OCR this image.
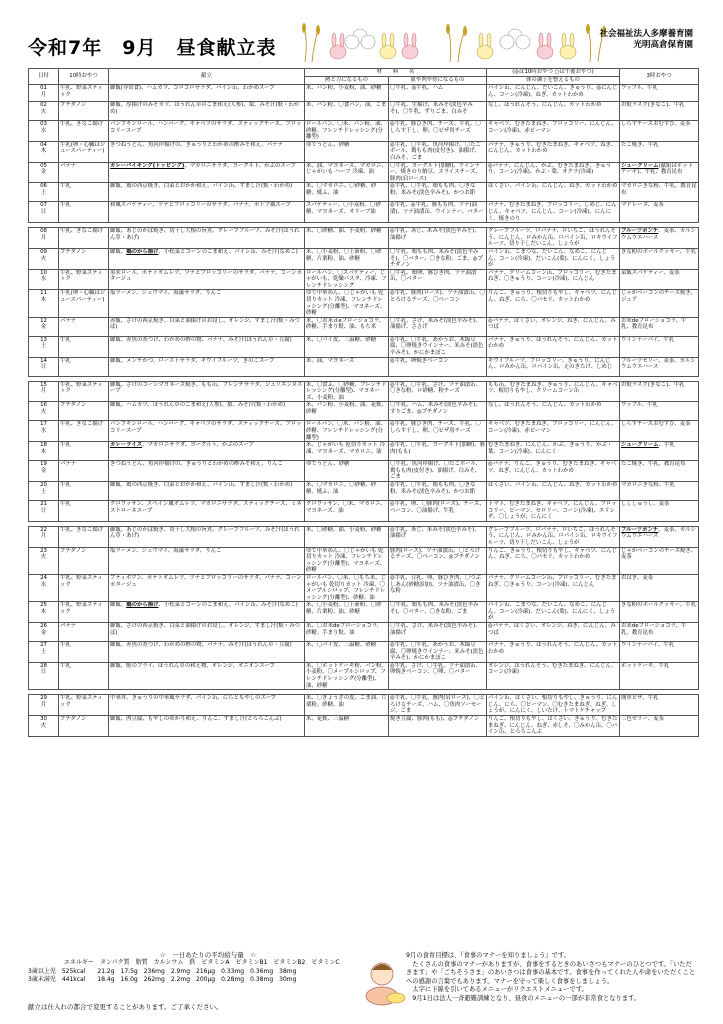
令和7年　9月　昼食献立表
社会福祉法人多摩養育園
光明高倉保育園
日付	10時おやつ	献立	材　　料　　名		(◎は10時おやつ ○は午後おやつ)	3時おやつ
			熱と力になるもの	血や肉や骨になるもの	体の調子を整えるもの	
01
月	牛乳、野菜スティック	御飯(非常食)、ハムカツ、コロコロサラダ、パイン缶、わかめスープ	米、パン粉、小麦粉、油、砂糖	〇牛乳、◎牛乳、ハム	パイン缶、にんじん、だいこん、きゅうり、◎にんじん、コーン(冷凍)、ねぎ、カットわかめ	ワッフル、牛乳
02
火	プチダノン	御飯、厚揚げのみそカツ、ほうれん草のごま和え(人参)、梨、みそ汁(麩・わかめ)	米、パン粉、〇食パン、油、ごま	〇牛乳、生揚げ、米みそ(淡色辛みそ)、〇牛乳、ずりごま、白みそ	なし、ほうれんそう、にんじん、カットわかめ	お麩ラスク(きなこ)、牛乳
03
水	牛乳、きなこ揚げ	パンプキンロール、ハンバーグ、キャベツのサラダ、スティックチーズ、ブロッコリースープ	ロールパン、〇米、パン粉、油、砂糖、フレンチドレッシング(分離型)	◎牛乳、豚ひき肉、チーズ、牛乳、〇しらす干し、卵、〇ピザ用チーズ	キャベツ、むきたまねぎ、ブロッコリー、にんじん、コーン(冷凍)、赤ピーマン	しらすチーズおむすび、麦茶
04
木	牛乳(卵・心臓はジュースパーティー)	きつねうどん、魚河岸揚げの、きゅうりとわかめの酢みそ和え、バナナ	ゆでうどん、砂糖	◎牛乳、〇牛乳、魚河岸揚げ、〇たこボール、鶏もも肉(皮付き)、油揚げ、白みそ、ごま	バナナ、きゅうり、むきたまねぎ、キャベツ、ねぎ、にんじん、カットわかめ	たこ焼き、牛乳
05
金	バナナ	カレーバイキング(トッピング)、マカロニサラダ、ヨーグルト、かぶのスープ	米、油、マヨネーズ、マカロニ、じゃがいも ハーフ 冷凍、油	〇牛乳、ヨーグルト(加糖)、ウインナー、焼きのり納豆、スライスチーズ、豚肉(肩ロース)	◎バナナ、にんじん、かぶ、むきたまねぎ、きゅうり、コーン(冷凍)、かぶ・葉、オクラ(冷凍)	シュークリーム(献組はホットケーキ)、牛乳、教育昆布
06
土	牛乳	御飯、鶏の西京焼き、白菜とおかか和え、パイン缶、すまし汁(麩・わかめ)	米、〇マカロニ、〇砂糖、砂糖、焼ふ、油	◎牛乳、〇牛乳、鶏もも肉、〇きな粉、米みそ(淡色辛みそ)、かつお節	はくさい、パイン缶、にんじん、ねぎ、カットわかめ	マカロニきな粉、牛乳、教育昆布
07
日	牛乳	和風スパゲティー、ツナとブロッコリーのサラダ、バナナ、ポトフ風スープ	スパゲティー、〇小麦粉、〇砂糖、マヨネーズ、オリーブ油	◎牛乳、◎牛乳、豚もも肉、ツナ(油漬)、ツナ油漬缶、ウインナー、バター	バナナ、むきたまねぎ、ブロッコリー、しめじ、にんじん、キャベツ、にんじん、コーン(冷凍)、にんにく、焼きのり	マドレーヌ、麦茶

08
月	牛乳、きなこ揚げ	御飯、あじのかば焼き、切干し大根の旨煮、グレープフルーツ、みそ汁(ほうれん草・あげ)	米、〇砂糖、油、小麦粉、砂糖	◎牛乳、あじ、米みそ(淡色辛みそ)、油揚げ	グレープフルーツ、ロバナナ、ロいちご、ほうれんそう、にんじん、ロみかん缶、ロパイン缶、ロキウイフルーツ、切り干しだいこん、しょうが	フルーツポンチ、麦茶、カルシウムウエハース
09
火	プチダノン	御飯、鶏のから揚げ、小松菜とコーンのごま和え、パイン缶、みそ汁(なめこ)	米、〇小麦粉、〇上新粉、〇砂糖、片栗粉、油、砂糖	〇牛乳、鶏もも肉、米みそ(淡色辛みそ)、〇バター、〇きな粉、ごま、◎プチダノン	パイン缶、こまつな、だいこん、なめこ、にんじん、コーン(冷凍)、だいこん(葉)、にんにく、しょうが	きな粉のボールクッキー、牛乳
10
水	牛乳、野菜スティック	黒米ロール、ポテトオムレツ、ツナとブロッコリーのサラダ、バナナ、コーンポタージュ	ロールパン、〇スパゲティー、じゃがいも、乾燥パスタ、冷凍、フレンチドレッシング	〇牛乳、鶏卵、豚ひき肉、ツナ油漬缶、〇バター	バナナ、クリームコーン缶、ブロッコリー、むきたまねぎ、〇きゅうり、コーン(冷凍)、にんじん	菜飯スパゲティー、麦茶
11
木	牛乳(卵・心臓はジュースパーティー)	塩ラーメン、シュウマイ、海藻サラダ、りんご	ゆで中華めん、〇じゃがいも 乾切りカット 冷凍、フレンチドレッシング(分離型)、マヨネーズ、砂糖	◎牛乳、豚肉(ロース)、ツナ油漬缶、〇とろけるチーズ、〇ベーコン	りんご、きゅうり、根切りもやし、キャベツ、にんじん、ねぎ、にら、〇パセリ、カットわかめ	じゃがベーコンのチーズ焼き、ジュア
12
金	バナナ	赤飯、さけの西京焼き、白菜と油揚げのお浸し、オレンジ、すまし汁(麩・みつば)	米、〇お米ｄeフローショコラ、砂糖、手まり麩、油、もち米	〇牛乳、さけ、米みそ(淡色辛みそ)、油揚げ、ささげ	◎バナナ、はくさい、オレンジ、ねぎ、にんじん、みつば	お米deフローショコラ、牛乳、教育昆布
13
土	牛乳	御飯、赤魚の煮つけ、わかめの酢の物、バナナ、みそ汁(ほうれん草・豆腐)	米、〇パイ皮、三温糖、砂糖	◎牛乳、〇牛乳、あかうお、木綿豆腐、〇卵焼きウインナー、米みそ(淡色辛みそ)、かにかまぼこ	バナナ、きゅうり、ほうれんそう、にんじん、カットわかめ	ウインナーパイ、牛乳
14
日	牛乳	御飯、メンチかつ、ローストサラダ、キウイフルーツ、きのこスープ	米、油、マヨネーズ	◎牛乳、卵焼きベーコン	キウイフルーツ、ブロッコリー、きゅうり、にんじん、ロみかん缶、ロパイン缶、えのきたけ、しめじ	フルーツゼリー、麦茶、カルシウムウエハース

15
月	牛乳、野菜スティック	御飯、さけのコーンマヨネーズ焼き、もも缶、フレンチサラダ、ジュリエンヌスープ	米、〇食ふ、〇砂糖、フレンチドレッシング(分離型)、マヨネーズ、小麦粉、油	◎牛乳、〇牛乳、さけ、ツナ油漬缶、〇きな粉、ロ砂糖、粉チーズ	もも缶、むきたまねぎ、きゅうり、にんじん、キャベツ、根切りもやし、クリームコーン缶	お麩ラスク(きなこ)、牛乳
16
火	プチダノン	御飯、ハムカツ、ほうれん草のごま和え(人参)、梨、みそ汁(麩・わかめ)	米、パン粉、小麦粉、油、花麩、砂糖	〇牛乳、ハム、米みそ(淡色辛みそ)、すりごま、◎プチダノン	なし、ほうれんそう、にんじん、カットわかめ	ワッフル、牛乳
17
水	牛乳、きなこ揚げ	パンプキンロール、ハンバーグ、キャベツのサラダ、スティックチーズ、ブロッコリースープ	ロールパン、〇米、パン粉、油、砂糖、フレンチドレッシング(分離型)	◎牛乳、豚ひき肉、チーズ、牛乳、〇しらす干し、卵、〇ピザ用チーズ	キャベツ、むきたまねぎ、ブロッコリー、にんじん、コーン(冷凍)、赤ピーマン	しらすチーズおむすび、麦茶
18
木	牛乳	カレーライス、マカロニサラダ、ヨーグルト、かぶのスープ	米、じゃがいも 乾切りカット 冷凍、マヨネーズ、マカロニ、油	◎牛乳、〇牛乳、ヨーグルト(加糖)、豚肉(もも)	むきたまねぎ、にんじん、かぶ、きゅうり、かぶ・葉、コーン(冷凍)、にんにく	シュークリーム、牛乳
19
金	バナナ	きつねうどん、魚河岸揚げの、きゅうりとわかめの酢みそ和え、りんご	ゆでうどん、砂糖	〇牛乳、魚河岸揚げ、〇たこボール、鶏もも肉(皮付き)、油揚げ、白みそ、ごま	◎バナナ、りんご、きゅうり、むきたまねぎ、キャベツ、ねぎ、にんじん、カットわかめ	たこ焼き、牛乳、教育昆布
20
土	牛乳	御飯、鶏の西京焼き、白菜とおかか和え、パイン缶、すまし汁(麩・わかめ)	米、〇マカロニ、〇砂糖、砂糖、焼ふ、油	◎牛乳、〇牛乳、鶏もも肉、〇きな粉、米みそ(淡色辛みそ)、かつお節	はくさい、パイン缶、にんじん、ねぎ、カットわかめ	マカロニきな粉、牛乳
21
日	牛乳	クロワッサン、スペイン風オムレツ、マカロニサラダ、スティックチーズ、ミネストローネスープ	クロワッサン、〇米、マカロニ、マヨネーズ、油	◎牛乳、卵、〇豚肉(ロース)、チーズ、ベーコン、〇油揚げ、牛乳	トマト、むきたまねぎ、キャベツ、にんじん、ブロッコリー、ピーマン、セロリー、コーン(冷凍)、エリンギ、〇しょうが、にんにく	しししゅうし、麦茶

22
月	牛乳、きなこ揚げ	御飯、あじのかば焼き、切干し大根の旨煮、グレープフルーツ、みそ汁(ほうれん草・あげ)	米、〇砂糖、油、小麦粉、砂糖	◎牛乳、あじ、米みそ(淡色辛みそ)、油揚げ	グレープフルーツ、ロバナナ、ロいちご、ほうれんそう、にんじん、ロみかん缶、ロパイン缶、ロキウイフルーツ、切り干しだいこん、しょうが	フルーツポンチ、麦茶、カルシウムウエハース
23
火	プチダノン	塩ラーメン、シュウマイ、海藻サラダ、りんご	ゆで中華めん、〇じゃがいも 乾切りカット 冷凍、フレンチドレッシング(分離型)、マヨネーズ、砂糖	豚肉(ロース)、ツナ油漬缶、〇とろけるチーズ、〇ベーコン、◎プチダノン	りんご、きゅうり、根切りもやし、キャベツ、にんじん、ねぎ、にら、〇パセリ、カットわかめ	じゃがベーコンのチーズ焼き、麦茶
24
水	牛乳、野菜スティック	ブティボワン、ポテトオムレツ、ツナとブロッコリーのサラダ、バナナ、コーンポタージュ	ロールパン、〇米、〇もち米、じゃがいも 乾切りカット 冷凍、〇メープルシロップ、フレンチドレッシング(分離型)、砂糖、油	◎牛乳、豆乳、卵、豚ひき肉、〇つぶしあん(砂糖添加)、ツナ油漬缶、〇きな粉	バナナ、クリームコーン缶、ブロッコリー、むきたまねぎ、〇きゅうり、コーン(冷凍)、にんじん	おはぎ、麦茶
25
木	牛乳、野菜スティック	御飯、鶏のから揚げ、小松菜とコーンのごま和え、パイン缶、みそ汁(なめこ)	米、〇小麦粉、〇上新粉、〇砂糖、片栗粉、油、砂糖	〇牛乳、鶏もも肉、米みそ(淡色辛みそ)、〇バター、〇きな粉、ごま	パイン缶、こまつな、だいこん、なめこ、にんじん、コーン(冷凍)、だいこん(葉)、にんにく、しょうが	きな粉のボールクッキー、牛乳
26
金	バナナ	御飯、さけの西京焼き、白菜と油揚げのお浸し、オレンジ、すまし汁(麩・みつば)	米、〇お米deフローショコラ、砂糖、手まり麩、油	〇牛乳、さけ、米みそ(淡色辛みそ)、油揚げ	◎バナナ、はくさい、オレンジ、ねぎ、にんじん、みつば	お米deフローショコラ、牛乳、教育昆布
27
土	牛乳	御飯、赤魚の煮つけ、わかめの酢の物、バナナ、みそ汁(ほうれん草・豆腐)	米、〇パイ皮、三温糖、砂糖	◎牛乳、〇牛乳、あかうお、木綿豆腐、〇卵焼きウインナー、米みそ(淡色辛みそ)、かにかまぼこ	バナナ、きゅうり、ほうれんそう、にんじん、カットわかめ	ウインナーパイ、牛乳
28
日	牛乳	御飯、鮭のフライ、ほうれん草の和え物、オレンジ、オニオンスープ	米、〇ホットケーキ粉、パン粉、小麦粉、〇メープルシロップ、フレンチドレッシング(分離型)、油、砂糖	◎牛乳、さけ、〇牛乳、ツナ油漬缶、卵焼きベーコン、〇卵、〇バター	オレンジ、ほうれんそう、むきたまねぎ、にんじん、コーン(冷凍)	ホットケーキ、牛乳

29
月	牛乳、野菜スティック	中華丼、きゅうりの中華風サラダ、パイン缶、にらともやしのスープ	米、〇ぎょうざの皮、ごま油、片栗粉、砂糖、油	◎牛乳、〇牛乳、豚肉(肩ロース)、〇とろけるチーズ、ハム、〇魚肉ソーセージ、ごま	パイン缶、はくさい、根切りもやし、きゅうり、にんじん、にら、〇ピーマン、〇むきたまねぎ、ねぎ、しょうが、にんにく、しいたけ、トマトケチャップ	簡単ピザ、牛乳
30
火	プチダノン	御飯、肉豆腐、もやしのゆかり和え、りんご、すまし汁(とろろこんぶ)	米、花麩、三温糖	焼き豆腐、豚肉(もも)、◎プチダノン	りんご、根切りもやし、はくさい、きゅうり、むきたまねぎ、にんじん、ねぎ、赤しそ、〇みかん缶、〇パイン缶、とろろこんぶ	三色ゼリー、麦茶
☆　一日あたりの平均給与量　☆
エネルギー　タンパク質　脂質　カルシウム　鉄　ビタミンA　ビタミンB1　ビタミンB2　ビタミンC
3歳以上児　525kcal　　21.2g　17.5g　236mg　2.9mg　216μg　0.33mg　0.36mg　38mg
3歳未満児　441kcal　　18.4g　16.0g　262mg　2.2mg　200μg　0.28mg　0.38mg　30mg
献立は仕入れの都合で変更することがあります。ご了承ください。
9月の食育目標は、『食事のマナーを知りましょう』です。
　たくさんの食事のマナーがありますが、食事をするときのあいさつもマナーのひとつです。「いただきます」や「ごちそうさま」のあいさつは食事の基本です。食事を作ってくれた人や命をいただくことへの感謝の言葉でもあります。マナーを守って楽しく食事をしましょう。
　太字に下線を引いてあるメニューがリクエストメニューです。
　9月1日は法人一斉避難訓練となり、昼食のメニューの一部が非常食となります。
